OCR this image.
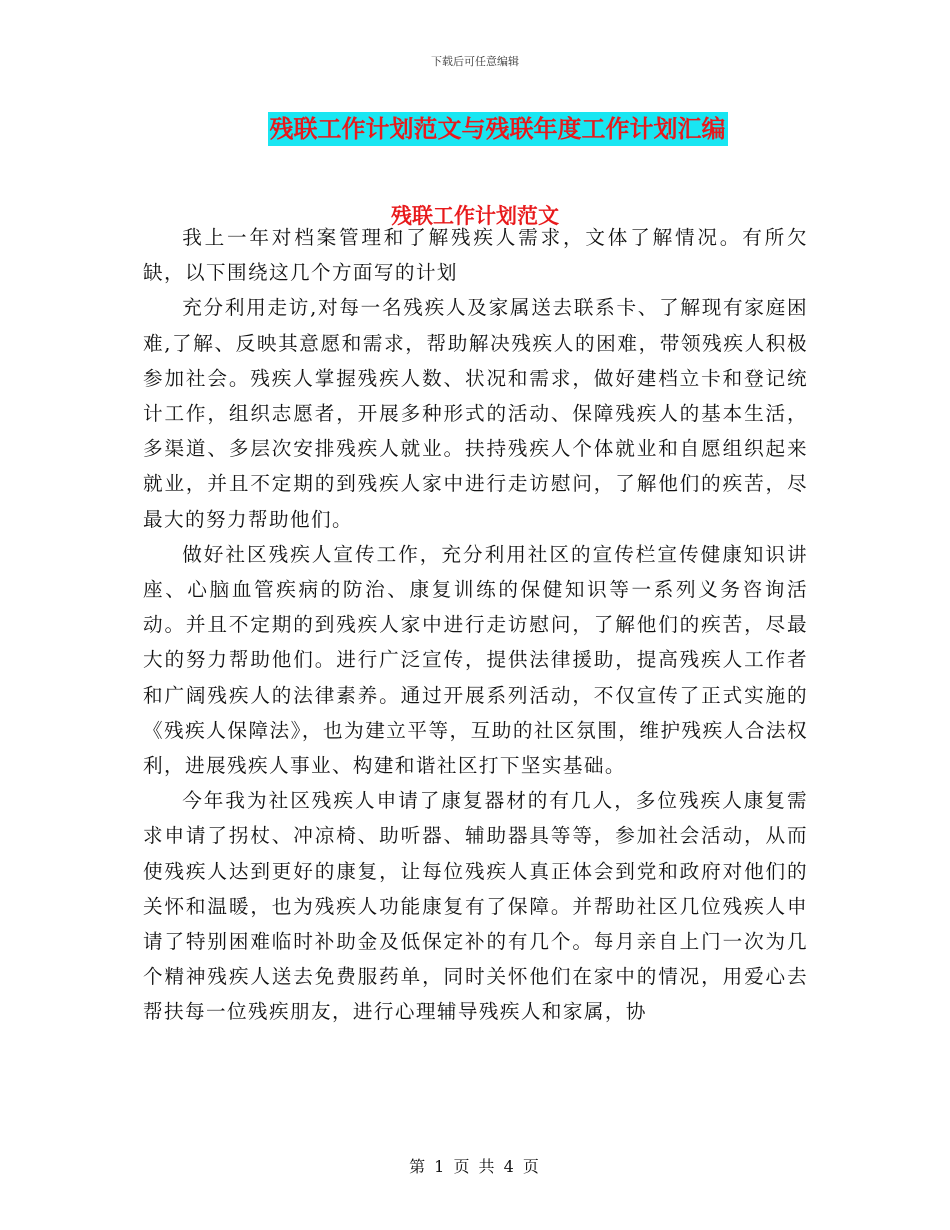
下载后可任意编辑
残联工作计划范文与残联年度工作计划汇编
残联工作计划范文

我上一年对档案管理和了解残疾人需求，文体了解情况。有所欠缺，以下围绕这几个方面写的计划

充分利用走访,对每一名残疾人及家属送去联系卡、了解现有家庭困难,了解、反映其意愿和需求，帮助解决残疾人的困难，带领残疾人积极参加社会。残疾人掌握残疾人数、状况和需求，做好建档立卡和登记统计工作，组织志愿者，开展多种形式的活动、保障残疾人的基本生活，多渠道、多层次安排残疾人就业。扶持残疾人个体就业和自愿组织起来就业，并且不定期的到残疾人家中进行走访慰问，了解他们的疾苦，尽最大的努力帮助他们。

做好社区残疾人宣传工作，充分利用社区的宣传栏宣传健康知识讲座、心脑血管疾病的防治、康复训练的保健知识等一系列义务咨询活动。并且不定期的到残疾人家中进行走访慰问，了解他们的疾苦，尽最大的努力帮助他们。进行广泛宣传，提供法律援助，提高残疾人工作者和广阔残疾人的法律素养。通过开展系列活动，不仅宣传了正式实施的《残疾人保障法》，也为建立平等，互助的社区氛围，维护残疾人合法权利，进展残疾人事业、构建和谐社区打下坚实基础。

今年我为社区残疾人申请了康复器材的有几人，多位残疾人康复需求申请了拐杖、冲凉椅、助听器、辅助器具等等，参加社会活动，从而使残疾人达到更好的康复，让每位残疾人真正体会到党和政府对他们的关怀和温暖，也为残疾人功能康复有了保障。并帮助社区几位残疾人申请了特别困难临时补助金及低保定补的有几个。每月亲自上门一次为几个精神残疾人送去免费服药单，同时关怀他们在家中的情况，用爱心去帮扶每一位残疾朋友，进行心理辅导残疾人和家属，协

第 1 页 共 4 页
